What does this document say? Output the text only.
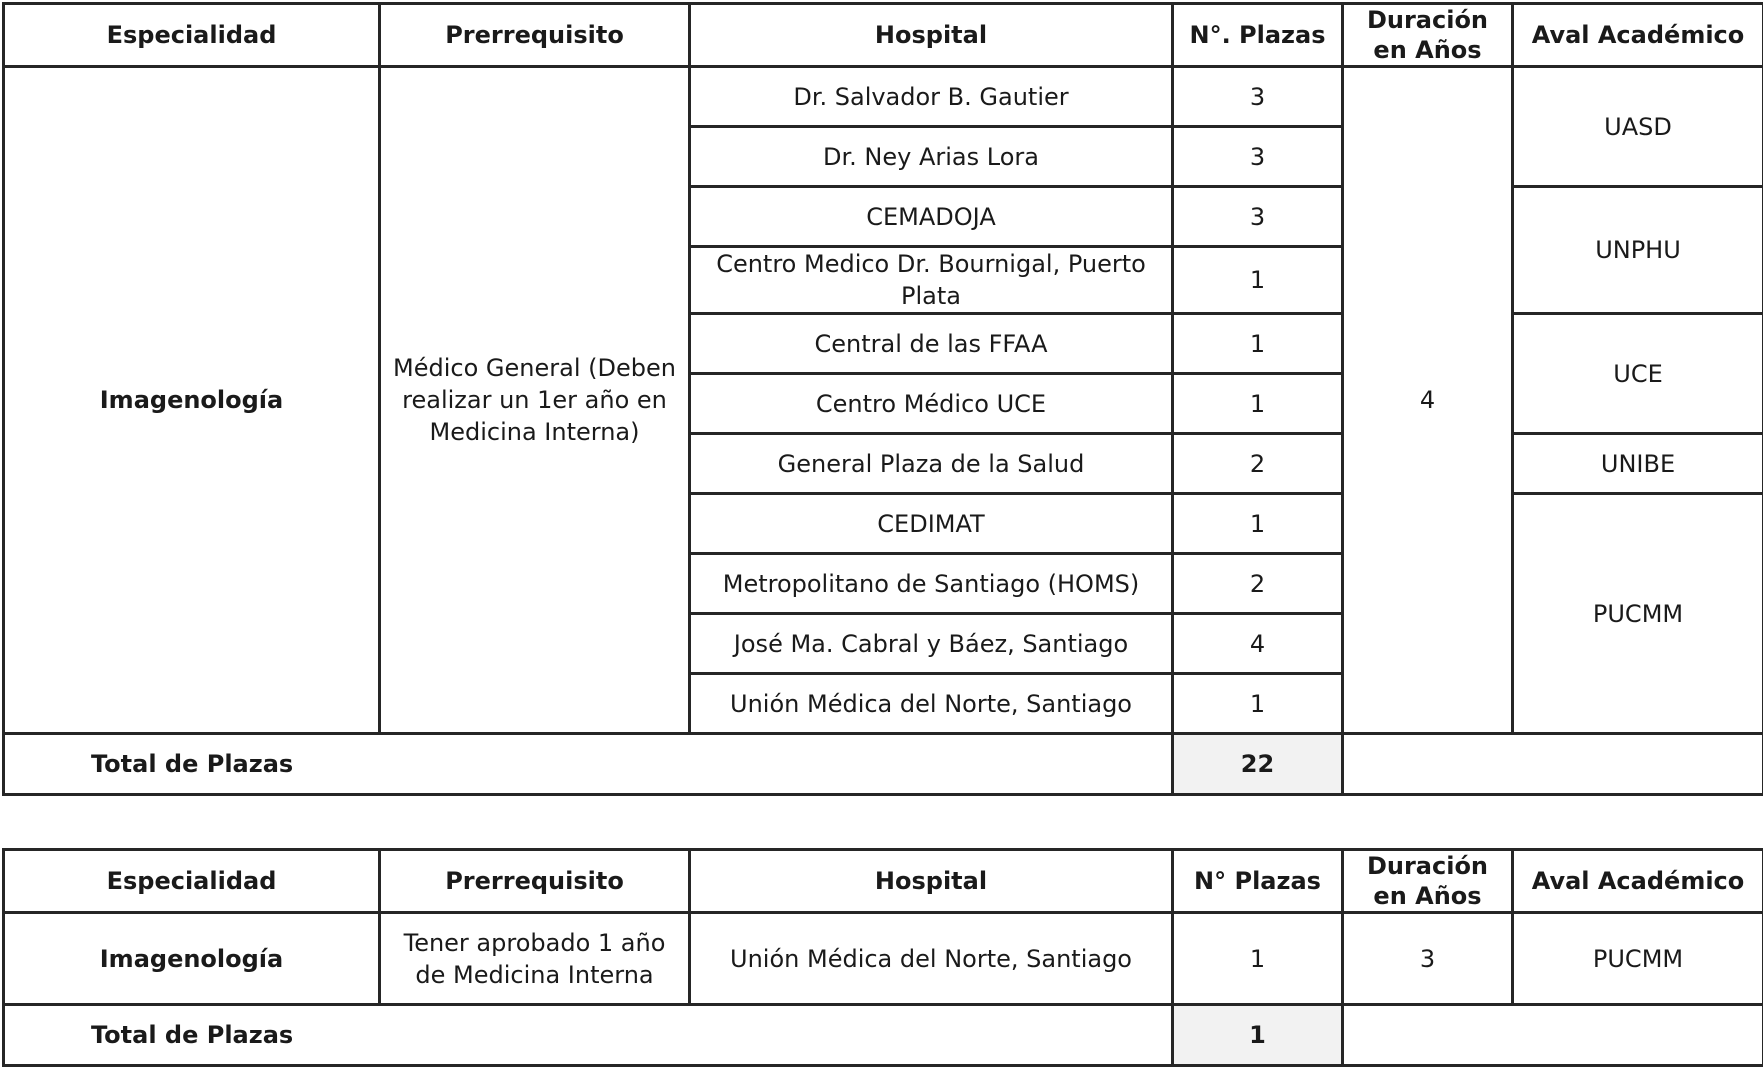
Especialidad	Prerrequisito	Hospital	N°. Plazas	Duración en Años	Aval Académico
Imagenología	Médico General (Deben realizar un 1er año en Medicina Interna)	Dr. Salvador B. Gautier	3	4	UASD
		Dr. Ney Arias Lora	3		
		CEMADOJA	3		UNPHU
		Centro Medico Dr. Bournigal, Puerto Plata	1		
		Central de las FFAA	1		UCE
		Centro Médico UCE	1		
		General Plaza de la Salud	2		UNIBE
		CEDIMAT	1		PUCMM
		Metropolitano de Santiago (HOMS)	2		
		José Ma. Cabral y Báez, Santiago	4		
		Unión Médica del Norte, Santiago	1		
Total de Plazas			22		
Especialidad	Prerrequisito	Hospital	N° Plazas	Duración en Años	Aval Académico
Imagenología	Tener aprobado 1 año de Medicina Interna	Unión Médica del Norte, Santiago	1	3	PUCMM
Total de Plazas			1		
